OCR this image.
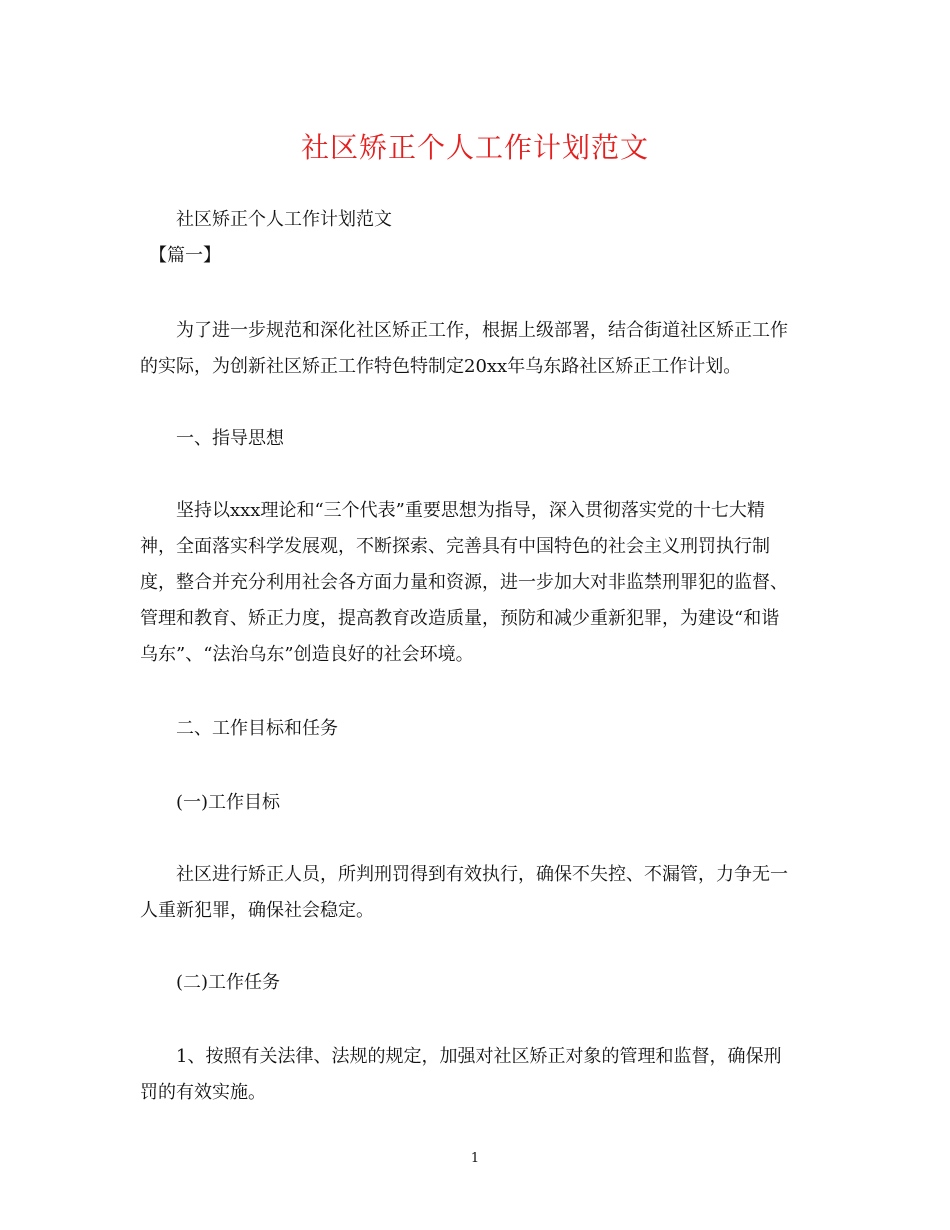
社区矫正个人工作计划范文
　　社区矫正个人工作计划范文
　【篇一】
　　为了进一步规范和深化社区矫正工作，根据上级部署，结合街道社区矫正工作
的实际，为创新社区矫正工作特色特制定20xx年乌东路社区矫正工作计划。
　　一、指导思想
　　坚持以xxx理论和“三个代表”重要思想为指导，深入贯彻落实党的十七大精
神，全面落实科学发展观，不断探索、完善具有中国特色的社会主义刑罚执行制
度，整合并充分利用社会各方面力量和资源，进一步加大对非监禁刑罪犯的监督、
管理和教育、矫正力度，提高教育改造质量，预防和减少重新犯罪，为建设“和谐
乌东”、“法治乌东”创造良好的社会环境。
　　二、工作目标和任务
　　(一)工作目标
　　社区进行矫正人员，所判刑罚得到有效执行，确保不失控、不漏管，力争无一
人重新犯罪，确保社会稳定。
　　(二)工作任务
　　1、按照有关法律、法规的规定，加强对社区矫正对象的管理和监督，确保刑
罚的有效实施。
1
